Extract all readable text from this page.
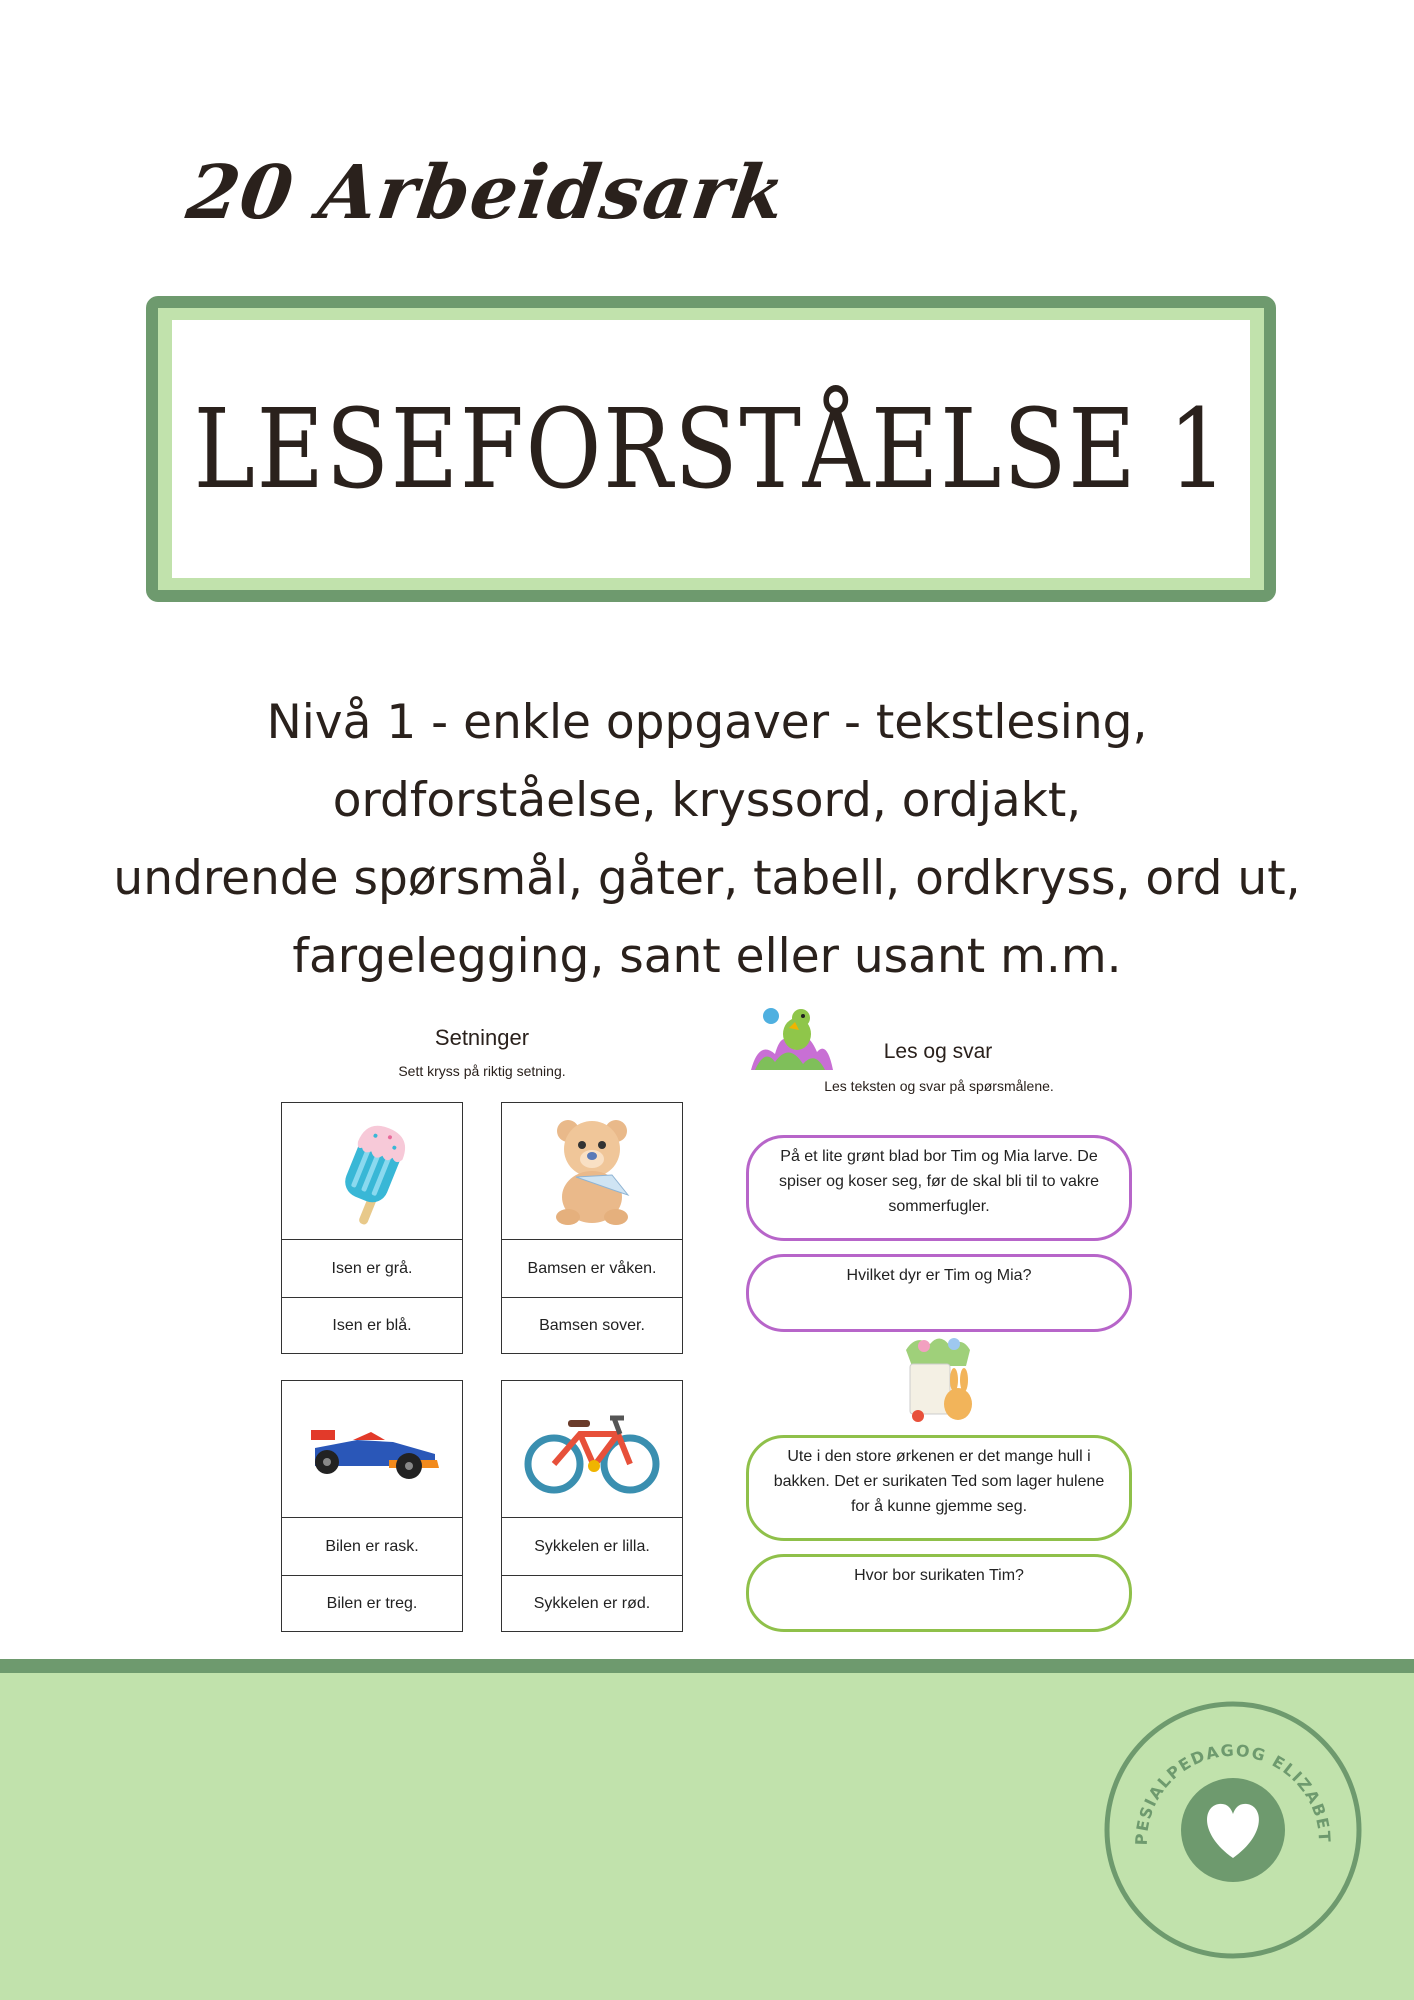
20 Arbeidsark
LESEFORSTÅELSE 1
Nivå 1 - enkle oppgaver - tekstlesing,
ordforståelse, kryssord, ordjakt,
undrende spørsmål, gåter, tabell, ordkryss, ord ut,
fargelegging, sant eller usant m.m.
Setninger
Sett kryss på riktig setning.
Isen er grå.
Isen er blå.
Bamsen er våken.
Bamsen sover.
Bilen er rask.
Bilen er treg.
Sykkelen er lilla.
Sykkelen er rød.
Les og svar
Les teksten og svar på spørsmålene.
På et lite grønt blad bor Tim og Mia larve. De spiser og koser seg, før de skal bli til to vakre sommerfugler.
Hvilket dyr er Tim og Mia?
Ute i den store ørkenen er det mange hull i bakken. Det er surikaten Ted som lager hulene for å kunne gjemme seg.
Hvor bor surikaten Tim?
PESIALPEDAGOG ELIZABET
